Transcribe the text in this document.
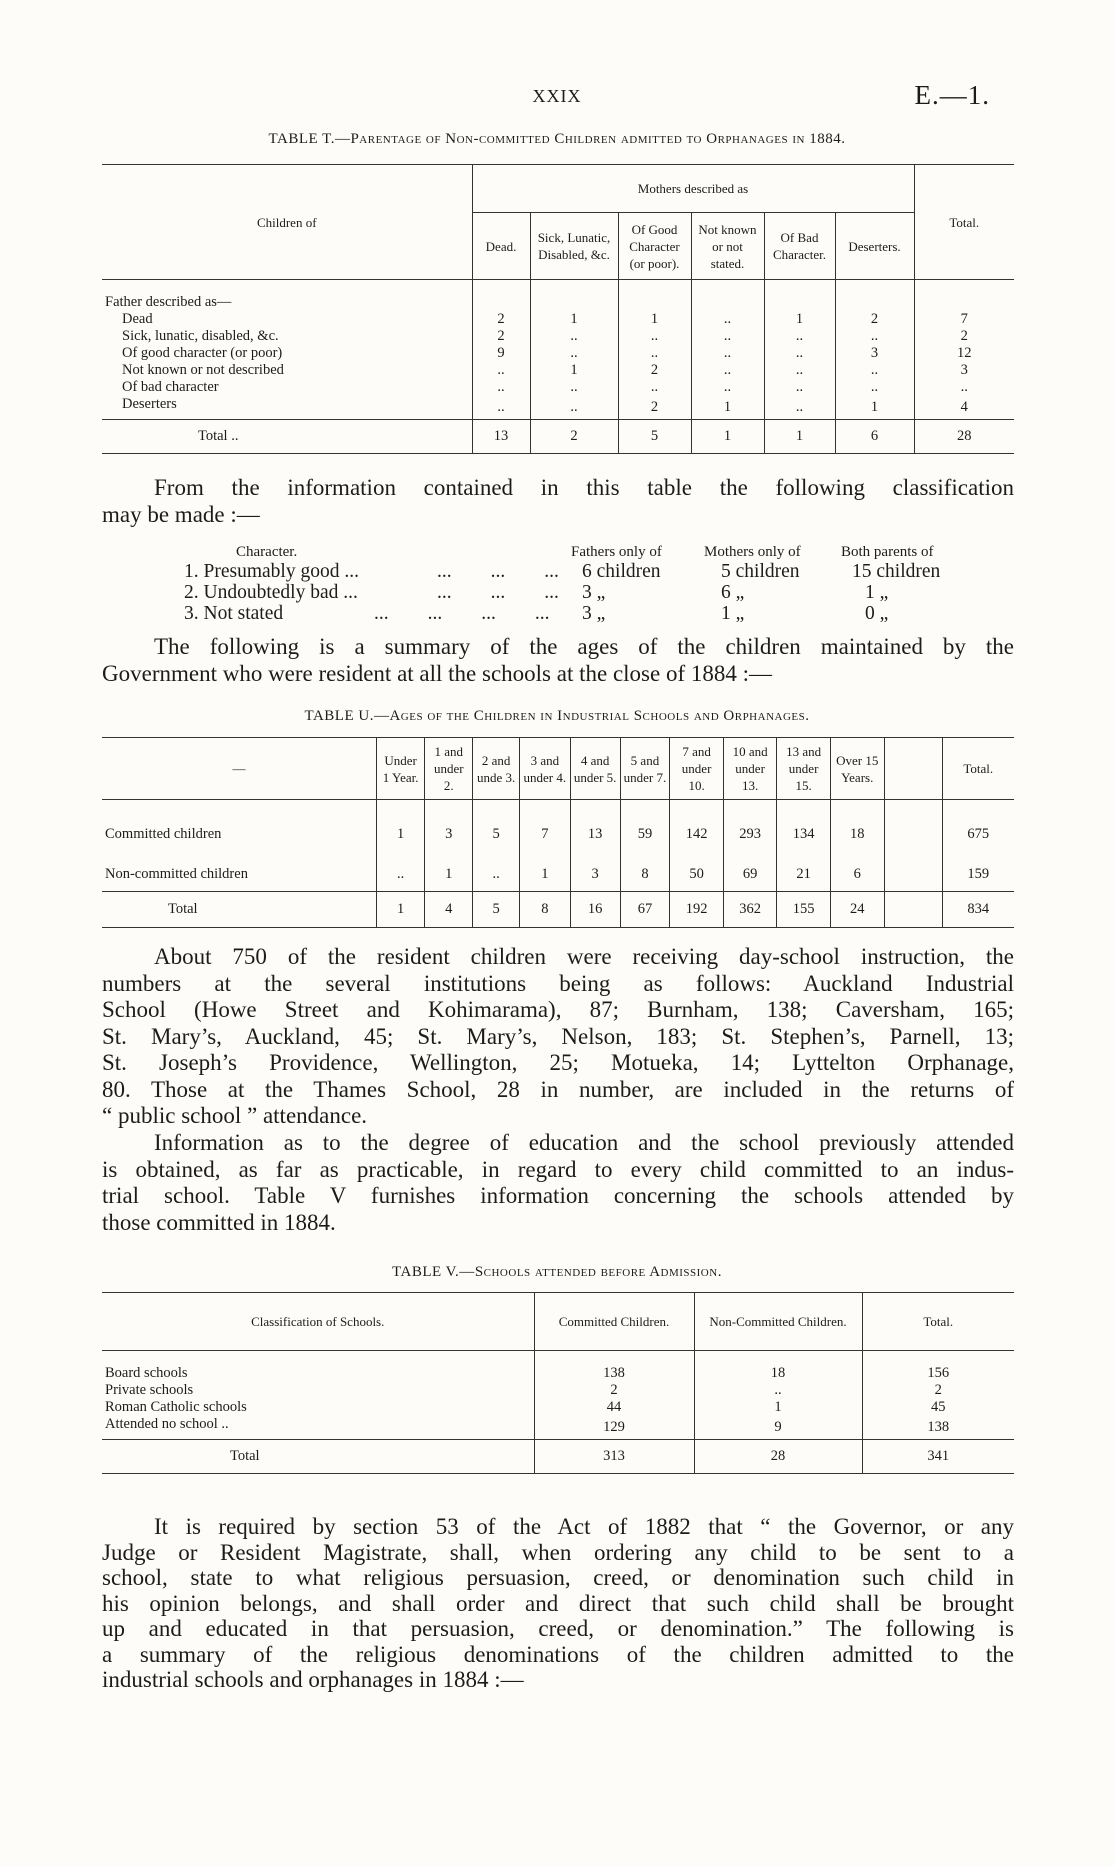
XXIX	E.—1.
TABLE T.—Parentage of Non-committed Children admitted to Orphanages in 1884.
Children of	Mothers described as						Total.
	Dead.	Sick, Lunatic, Disabled, &c.	Of Good Character (or poor).	Not known or not stated.	Of Bad Character.	Deserters.	
Father described as—							
Dead	2	1	1	..	1	2	7
Sick, lunatic, disabled, &c.	2	..	..	..	..	..	2
Of good character (or poor)	9	..	..	..	..	3	12
Not known or not described	..	1	2	..	..	..	3
Of bad character	..	..	..	..	..	..	..
Deserters	..	..	2	1	..	1	4
Total ..	13	2	5	1	1	6	28
From the information contained in this table the following classification
may be made :—
Character.	Fathers only of	Mothers only of	Both parents of
1. Presumably good ...	...        ...        ... 6 children	5 children	15 children
2. Undoubtedly bad ...	...        ...        ... 3 „	6 „	1 „
3. Not stated	...        ...        ...        ... 3 „	1 „	0 „
The following is a summary of the ages of the children maintained by the
Government who were resident at all the schools at the close of 1884 :—
TABLE U.—Ages of the Children in Industrial Schools and Orphanages.
—	Under 1 Year.	1 and under 2.	2 and unde 3.	3 and under 4.	4 and under 5.	5 and under 7.	7 and under 10.	10 and under 13.	13 and under 15.	Over 15 Years.		Total.
Committed children	1	3	5	7	13	59	142	293	134	18		675
Non-committed children	..	1	..	1	3	8	50	69	21	6		159
Total	1	4	5	8	16	67	192	362	155	24		834
About 750 of the resident children were receiving day-school instruction, the
numbers at the several institutions being as follows: Auckland Industrial
School (Howe Street and Kohimarama), 87; Burnham, 138; Caversham, 165;
St. Mary’s, Auckland, 45; St. Mary’s, Nelson, 183; St. Stephen’s, Parnell, 13;
St. Joseph’s Providence, Wellington, 25; Motueka, 14; Lyttelton Orphanage,
80. Those at the Thames School, 28 in number, are included in the returns of
“ public school ” attendance.
Information as to the degree of education and the school previously attended
is obtained, as far as practicable, in regard to every child committed to an indus-
trial school. Table V furnishes information concerning the schools attended by
those committed in 1884.
TABLE V.—Schools attended before Admission.
Classification of Schools.	Committed Children.	Non-Committed Children.	Total.
Board schools	138	18	156
Private schools	2	..	2
Roman Catholic schools	44	1	45
Attended no school ..	129	9	138
Total	313	28	341
It is required by section 53 of the Act of 1882 that “ the Governor, or any
Judge or Resident Magistrate, shall, when ordering any child to be sent to a
school, state to what religious persuasion, creed, or denomination such child in
his opinion belongs, and shall order and direct that such child shall be brought
up and educated in that persuasion, creed, or denomination.” The following is
a summary of the religious denominations of the children admitted to the
industrial schools and orphanages in 1884 :—
